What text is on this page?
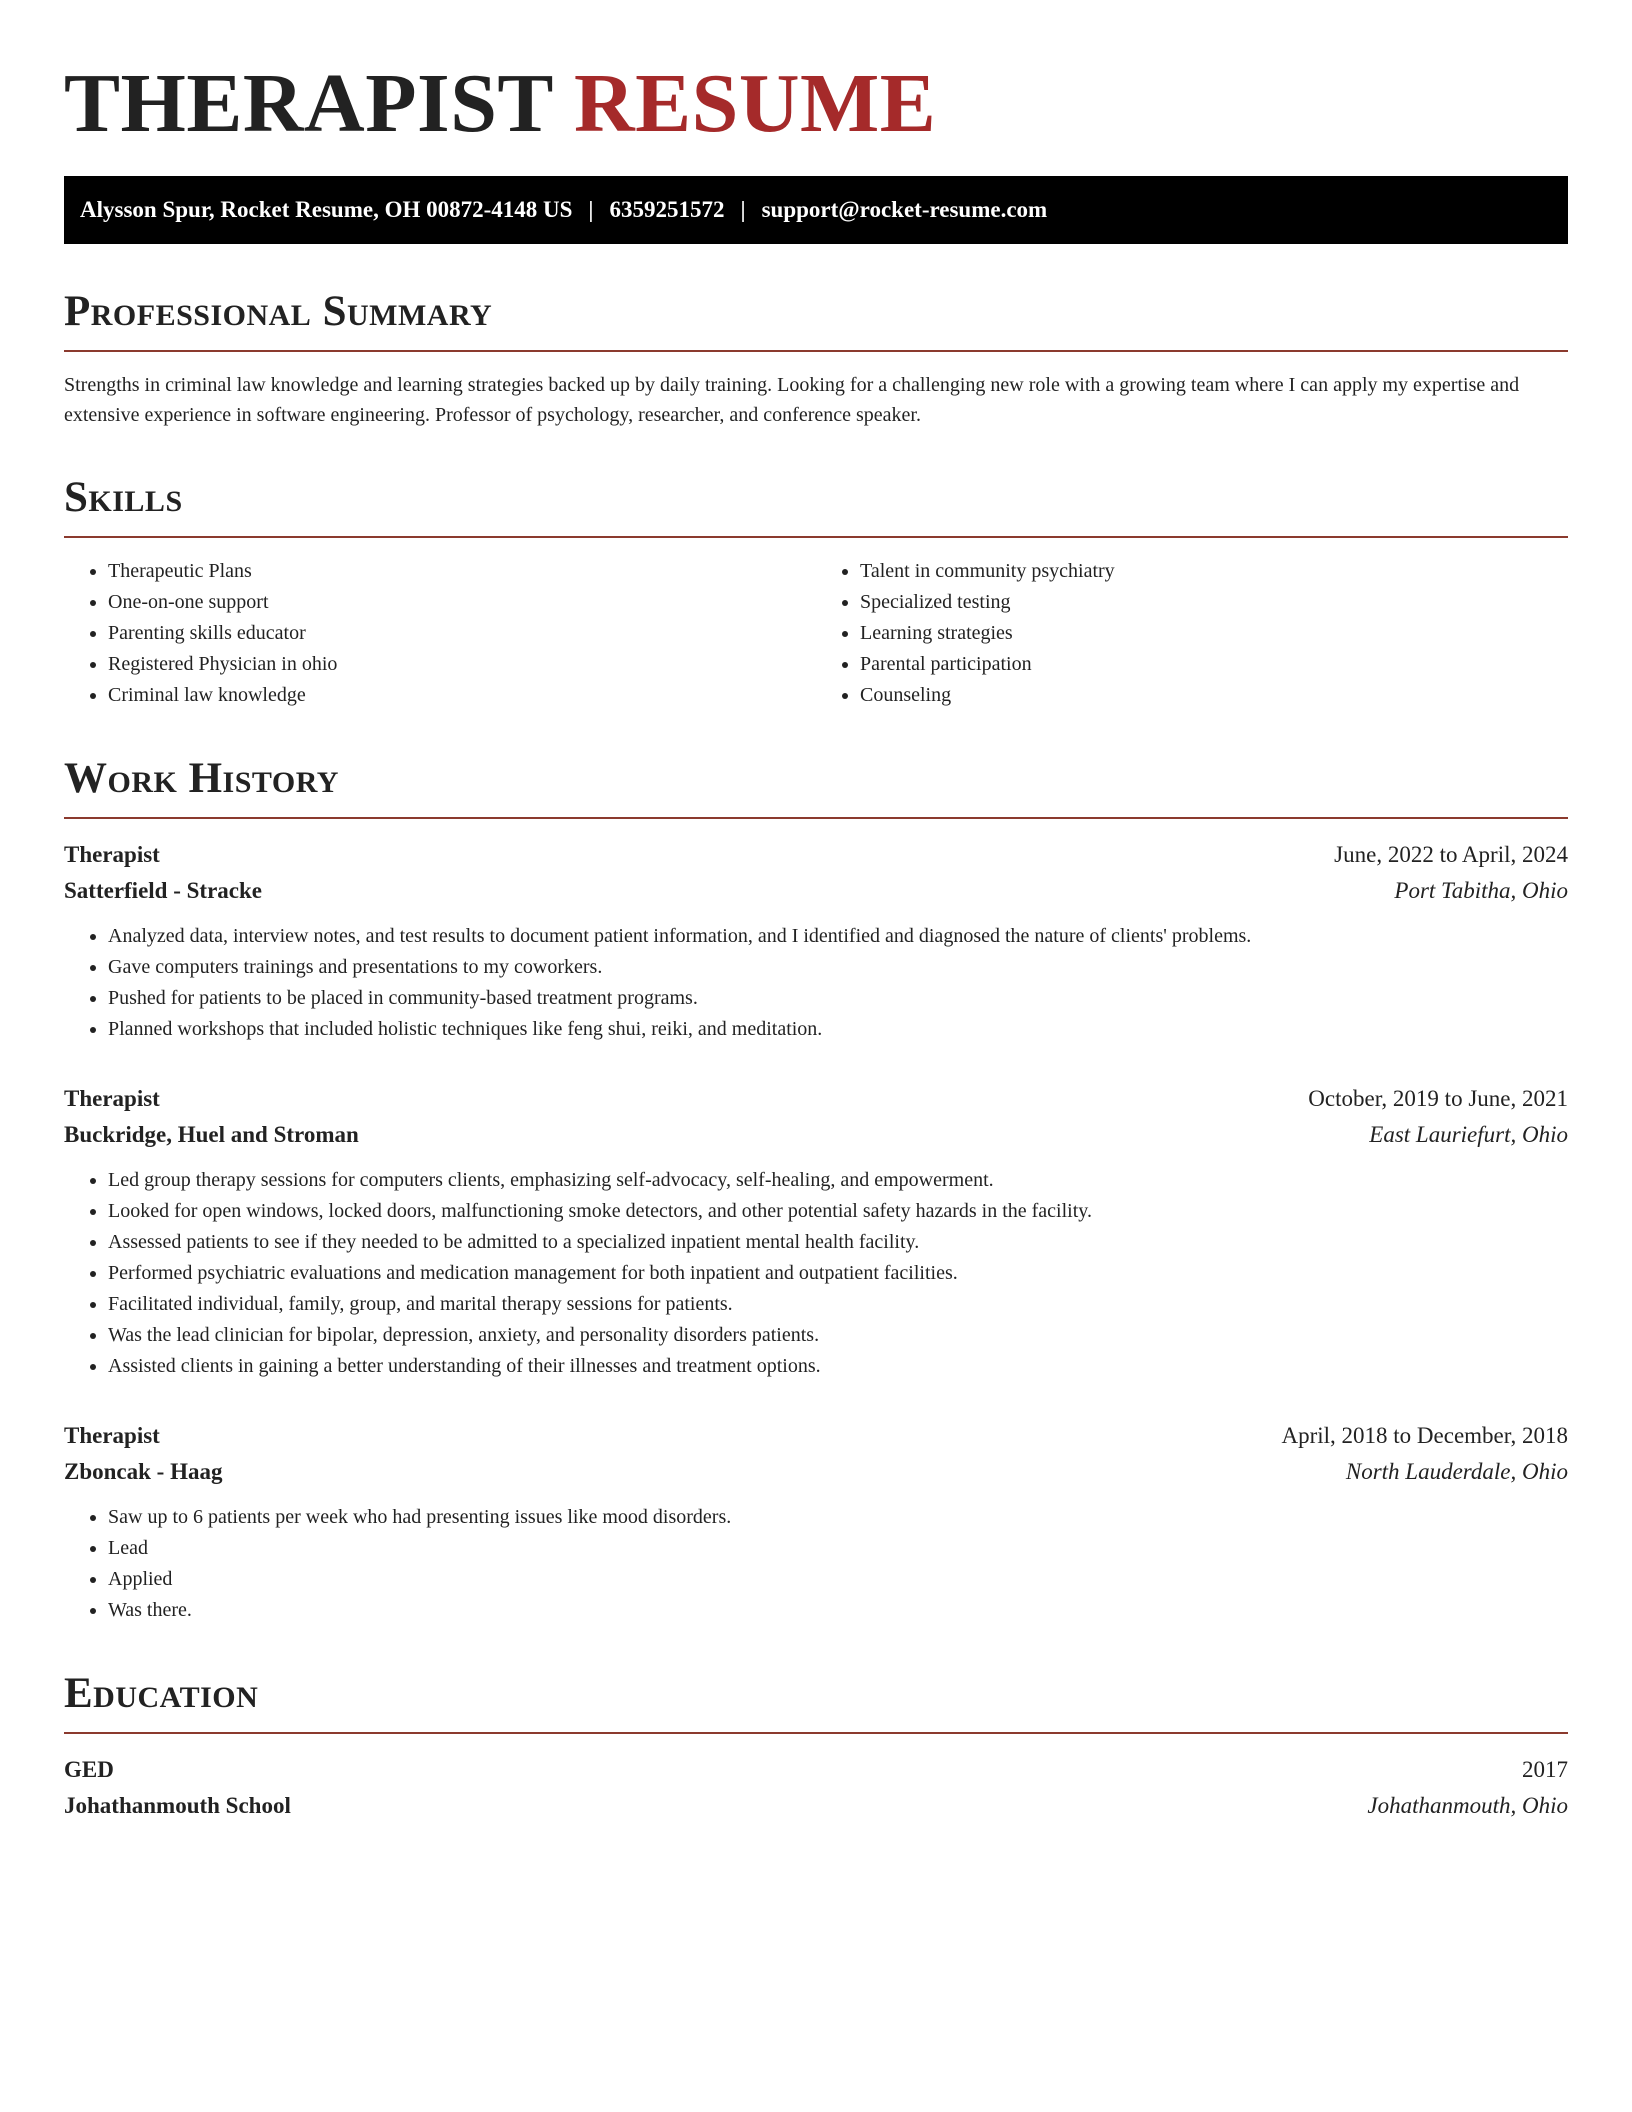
THERAPIST RESUME
Alysson Spur, Rocket Resume, OH 00872-4148 US | 6359251572 | support@rocket-resume.com
Professional Summary

Strengths in criminal law knowledge and learning strategies backed up by daily training. Looking for a challenging new role with a growing team where I can apply my expertise and extensive experience in software engineering. Professor of psychology, researcher, and conference speaker.

Skills
• Therapeutic Plans
• One-on-one support
• Parenting skills educator
• Registered Physician in ohio
• Criminal law knowledge
• Talent in community psychiatry
• Specialized testing
• Learning strategies
• Parental participation
• Counseling
Work History
Therapist	June, 2022 to April, 2024
Satterfield - Stracke	Port Tabitha, Ohio
• Analyzed data, interview notes, and test results to document patient information, and I identified and diagnosed the nature of clients' problems.
• Gave computers trainings and presentations to my coworkers.
• Pushed for patients to be placed in community-based treatment programs.
• Planned workshops that included holistic techniques like feng shui, reiki, and meditation.
Therapist	October, 2019 to June, 2021
Buckridge, Huel and Stroman	East Lauriefurt, Ohio
• Led group therapy sessions for computers clients, emphasizing self-advocacy, self-healing, and empowerment.
• Looked for open windows, locked doors, malfunctioning smoke detectors, and other potential safety hazards in the facility.
• Assessed patients to see if they needed to be admitted to a specialized inpatient mental health facility.
• Performed psychiatric evaluations and medication management for both inpatient and outpatient facilities.
• Facilitated individual, family, group, and marital therapy sessions for patients.
• Was the lead clinician for bipolar, depression, anxiety, and personality disorders patients.
• Assisted clients in gaining a better understanding of their illnesses and treatment options.
Therapist	April, 2018 to December, 2018
Zboncak - Haag	North Lauderdale, Ohio
• Saw up to 6 patients per week who had presenting issues like mood disorders.
• Lead
• Applied
• Was there.
Education
GED	2017
Johathanmouth School	Johathanmouth, Ohio
